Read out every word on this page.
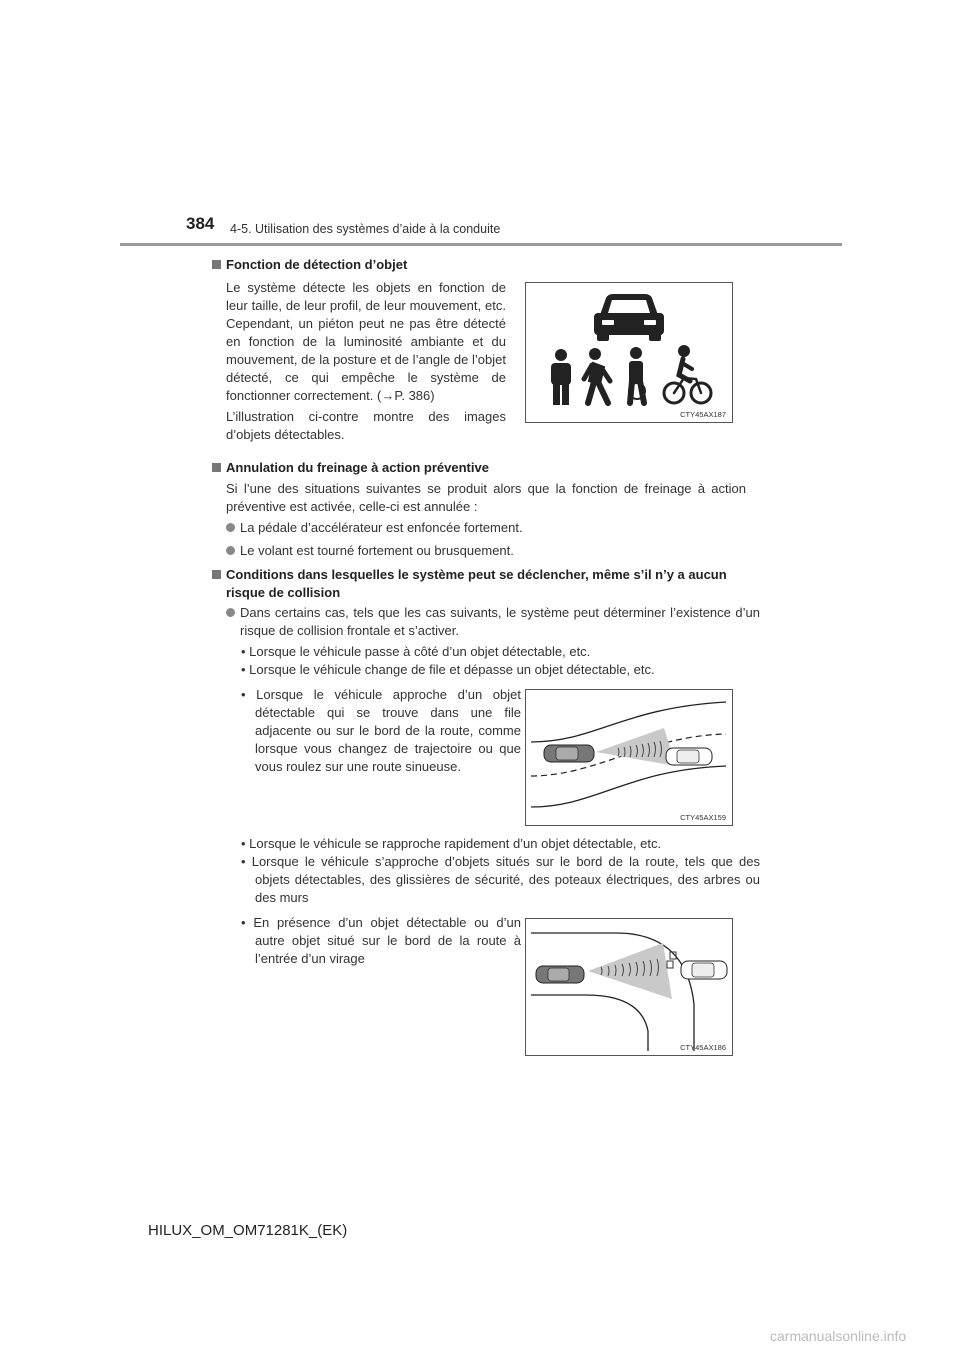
384 4-5. Utilisation des systèmes d’aide à la conduite
Fonction de détection d’objet
Le système détecte les objets en fonction de leur taille, de leur profil, de leur mouvement, etc. Cependant, un piéton peut ne pas être détecté en fonction de la luminosité ambiante et du mouvement, de la posture et de l’angle de l’objet détecté, ce qui empêche le système de fonctionner correctement. (→P. 386)
L’illustration ci-contre montre des images d’objets détectables.
CTY45AX187
Annulation du freinage à action préventive
Si l’une des situations suivantes se produit alors que la fonction de freinage à action préventive est activée, celle-ci est annulée :
La pédale d’accélérateur est enfoncée fortement.
Le volant est tourné fortement ou brusquement.
Conditions dans lesquelles le système peut se déclencher, même s’il n’y a aucun risque de collision
Dans certains cas, tels que les cas suivants, le système peut déterminer l’existence d’un risque de collision frontale et s’activer.
• Lorsque le véhicule passe à côté d’un objet détectable, etc.
• Lorsque le véhicule change de file et dépasse un objet détectable, etc.
• Lorsque le véhicule approche d’un objet détectable qui se trouve dans une file adjacente ou sur le bord de la route, comme lorsque vous changez de trajectoire ou que vous roulez sur une route sinueuse.
CTY45AX159
• Lorsque le véhicule se rapproche rapidement d’un objet détectable, etc.
• Lorsque le véhicule s’approche d’objets situés sur le bord de la route, tels que des objets détectables, des glissières de sécurité, des poteaux électriques, des arbres ou des murs
• En présence d’un objet détectable ou d’un autre objet situé sur le bord de la route à l’entrée d’un virage
CTY45AX186
HILUX_OM_OM71281K_(EK)
carmanualsonline.info
